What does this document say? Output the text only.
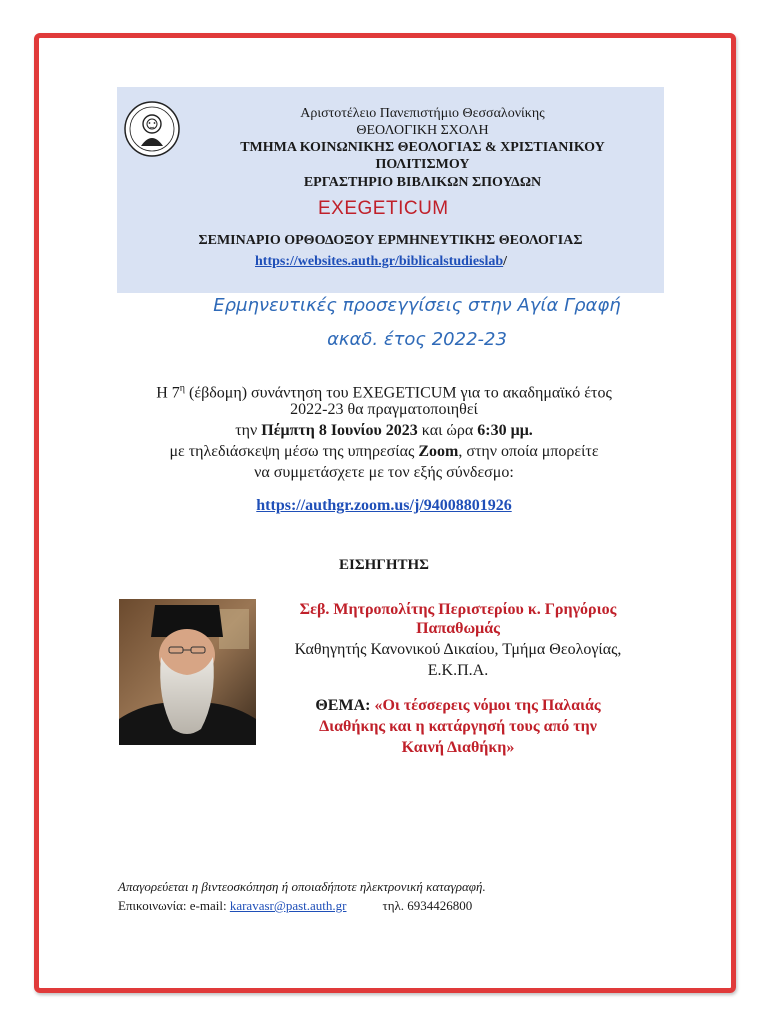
Αριστοτέλειο Πανεπιστήμιο Θεσσαλονίκης
ΘΕΟΛΟΓΙΚΗ ΣΧΟΛΗ
ΤΜΗΜΑ ΚΟΙΝΩΝΙΚΗΣ ΘΕΟΛΟΓΙΑΣ & ΧΡΙΣΤΙΑΝΙΚΟΥ
ΠΟΛΙΤΙΣΜΟΥ
ΕΡΓΑΣΤΗΡΙΟ ΒΙΒΛΙΚΩΝ ΣΠΟΥΔΩΝ
EXEGETICUM
ΣΕΜΙΝΑΡΙΟ ΟΡΘΟΔΟΞΟΥ ΕΡΜΗΝΕΥΤΙΚΗΣ ΘΕΟΛΟΓΙΑΣ
https://websites.auth.gr/biblicalstudieslab/
Ερμηνευτικές προσεγγίσεις στην Αγία Γραφή
ακαδ. έτος 2022-23
Η $7^\eta$ (έβδομη) συνάντηση του EXEGETICUM για το ακαδημαϊκό έτος
2022-23 θα πραγματοποιηθεί
την Πέμπτη 8 Ιουνίου 2023 και ώρα 6:30 μμ.
με τηλεδιάσκεψη μέσω της υπηρεσίας Zoom, στην οποία μπορείτε
να συμμετάσχετε με τον εξής σύνδεσμο:
https://authgr.zoom.us/j/94008801926
ΕΙΣΗΓΗΤΗΣ
Σεβ. Μητροπολίτης Περιστερίου κ. Γρηγόριος
Παπαθωμάς
Καθηγητής Κανονικού Δικαίου, Τμήμα Θεολογίας,
Ε.Κ.Π.Α.
ΘΕΜΑ: «Οι τέσσερεις νόμοι της Παλαιάς
Διαθήκης και η κατάργησή τους από την
Καινή Διαθήκη»
Απαγορεύεται η βιντεοσκόπηση ή οποιαδήποτε ηλεκτρονική καταγραφή.
Επικοινωνία: e-mail: karavasr@past.auth.gr	τηλ. 6934426800
